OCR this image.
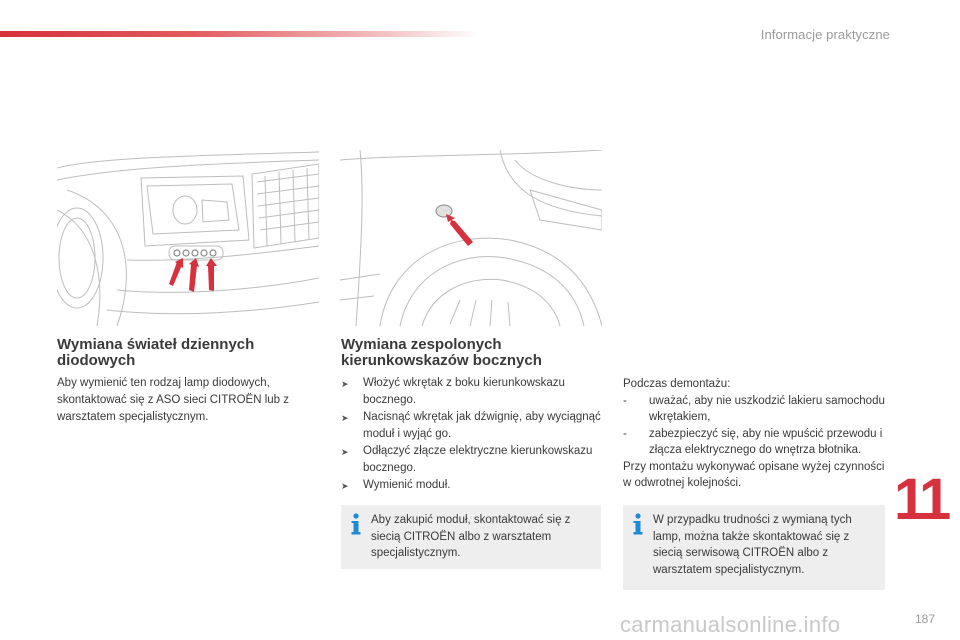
Informacje praktyczne
Wymiana świateł dziennych diodowych
Aby wymienić ten rodzaj lamp diodowych, skontaktować się z ASO sieci CITROËN lub z warsztatem specjalistycznym.
Wymiana zespolonych kierunkowskazów bocznych
➤	Włożyć wkrętak z boku kierunkowskazu bocznego.
➤	Nacisnąć wkrętak jak dźwignię, aby wyciągnąć moduł i wyjąć go.
➤	Odłączyć złącze elektryczne kierunkowskazu bocznego.
➤	Wymienić moduł.
Aby zakupić moduł, skontaktować się z siecią CITROËN albo z warsztatem specjalistycznym.
Podczas demontażu:
-	uważać, aby nie uszkodzić lakieru samochodu wkrętakiem,
-	zabezpieczyć się, aby nie wpuścić przewodu i złącza elektrycznego do wnętrza błotnika.
Przy montażu wykonywać opisane wyżej czynności w odwrotnej kolejności.
W przypadku trudności z wymianą tych lamp, można także skontaktować się z siecią serwisową CITROËN albo z warsztatem specjalistycznym.
11
carmanualsonline.info	187
